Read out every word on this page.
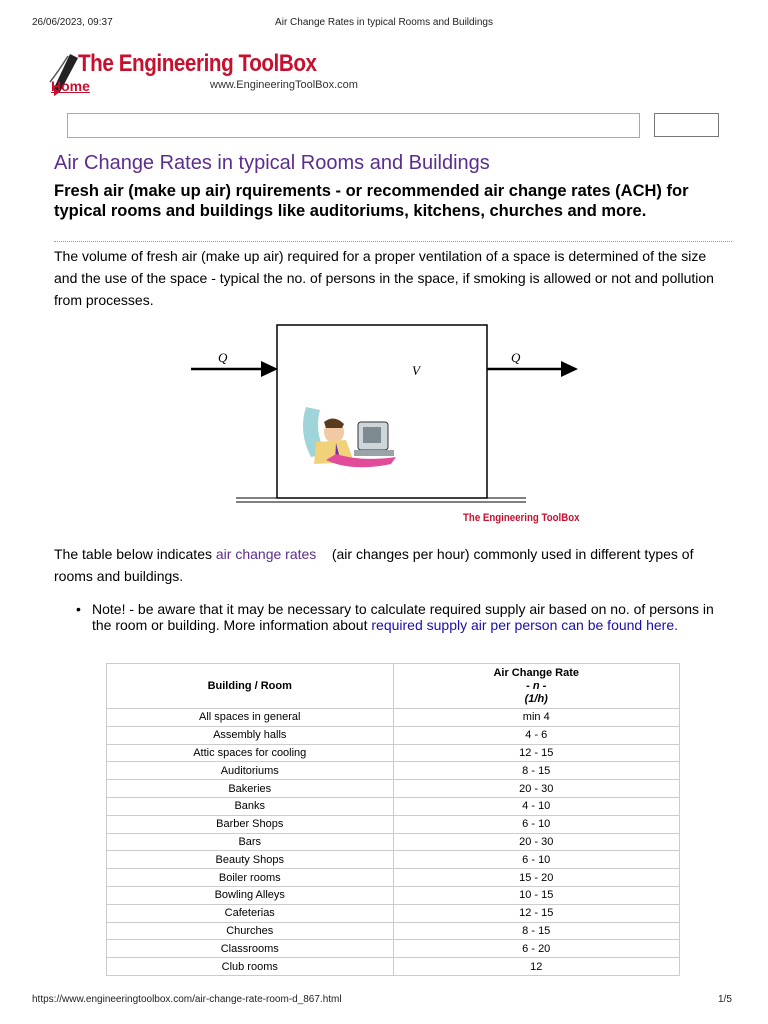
26/06/2023, 09:37	Air Change Rates in typical Rooms and Buildings
The Engineering ToolBox
Home	www.EngineeringToolBox.com
Air Change Rates in typical Rooms and Buildings
Fresh air (make up air) rquirements - or recommended air change rates (ACH) for typical rooms and buildings like auditoriums, kitchens, churches and more.
The volume of fresh air (make up air) required for a proper ventilation of a space is determined of the size and the use of the space - typical the no. of persons in the space, if smoking is allowed or not and pollution from processes.
Q	Q
V
The Engineering ToolBox
The table below indicates air change rates (air changes per hour) commonly used in different types of rooms and buildings.
• Note! - be aware that it may be necessary to calculate required supply air based on no. of persons in the room or building. More information about required supply air per person can be found here.
Building / Room	Air Change Rate
- n -
(1/h)

All spaces in general	min 4
Assembly halls	4 - 6
Attic spaces for cooling	12 - 15
Auditoriums	8 - 15
Bakeries	20 - 30
Banks	4 - 10
Barber Shops	6 - 10
Bars	20 - 30
Beauty Shops	6 - 10
Boiler rooms	15 - 20
Bowling Alleys	10 - 15
Cafeterias	12 - 15
Churches	8 - 15
Classrooms	6 - 20
Club rooms	12
https://www.engineeringtoolbox.com/air-change-rate-room-d_867.html	1/5
